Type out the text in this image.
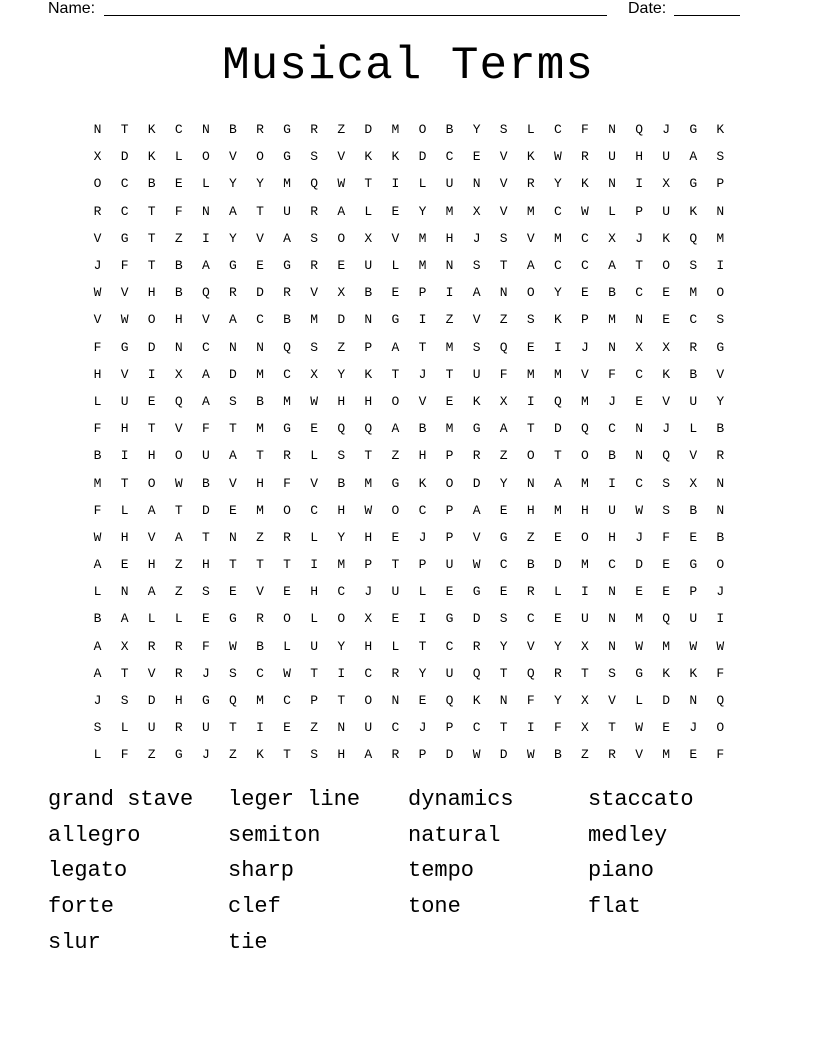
Name:	Date:
Musical Terms
N	T	K	C	N	B	R	G	R	Z	D	M	O	B	Y	S	L	C	F	N	Q	J	G	K
X	D	K	L	O	V	O	G	S	V	K	K	D	C	E	V	K	W	R	U	H	U	A	S
O	C	B	E	L	Y	Y	M	Q	W	T	I	L	U	N	V	R	Y	K	N	I	X	G	P
R	C	T	F	N	A	T	U	R	A	L	E	Y	M	X	V	M	C	W	L	P	U	K	N
V	G	T	Z	I	Y	V	A	S	O	X	V	M	H	J	S	V	M	C	X	J	K	Q	M
J	F	T	B	A	G	E	G	R	E	U	L	M	N	S	T	A	C	C	A	T	O	S	I
W	V	H	B	Q	R	D	R	V	X	B	E	P	I	A	N	O	Y	E	B	C	E	M	O
V	W	O	H	V	A	C	B	M	D	N	G	I	Z	V	Z	S	K	P	M	N	E	C	S
F	G	D	N	C	N	N	Q	S	Z	P	A	T	M	S	Q	E	I	J	N	X	X	R	G
H	V	I	X	A	D	M	C	X	Y	K	T	J	T	U	F	M	M	V	F	C	K	B	V
L	U	E	Q	A	S	B	M	W	H	H	O	V	E	K	X	I	Q	M	J	E	V	U	Y
F	H	T	V	F	T	M	G	E	Q	Q	A	B	M	G	A	T	D	Q	C	N	J	L	B
B	I	H	O	U	A	T	R	L	S	T	Z	H	P	R	Z	O	T	O	B	N	Q	V	R
M	T	O	W	B	V	H	F	V	B	M	G	K	O	D	Y	N	A	M	I	C	S	X	N
F	L	A	T	D	E	M	O	C	H	W	O	C	P	A	E	H	M	H	U	W	S	B	N
W	H	V	A	T	N	Z	R	L	Y	H	E	J	P	V	G	Z	E	O	H	J	F	E	B
A	E	H	Z	H	T	T	T	I	M	P	T	P	U	W	C	B	D	M	C	D	E	G	O
L	N	A	Z	S	E	V	E	H	C	J	U	L	E	G	E	R	L	I	N	E	E	P	J
B	A	L	L	E	G	R	O	L	O	X	E	I	G	D	S	C	E	U	N	M	Q	U	I
A	X	R	R	F	W	B	L	U	Y	H	L	T	C	R	Y	V	Y	X	N	W	M	W	W
A	T	V	R	J	S	C	W	T	I	C	R	Y	U	Q	T	Q	R	T	S	G	K	K	F
J	S	D	H	G	Q	M	C	P	T	O	N	E	Q	K	N	F	Y	X	V	L	D	N	Q
S	L	U	R	U	T	I	E	Z	N	U	C	J	P	C	T	I	F	X	T	W	E	J	O
L	F	Z	G	J	Z	K	T	S	H	A	R	P	D	W	D	W	B	Z	R	V	M	E	F
grand stave	leger line	dynamics	staccato
allegro	semiton	natural	medley
legato	sharp	tempo	piano
forte	clef	tone	flat
slur	tie
